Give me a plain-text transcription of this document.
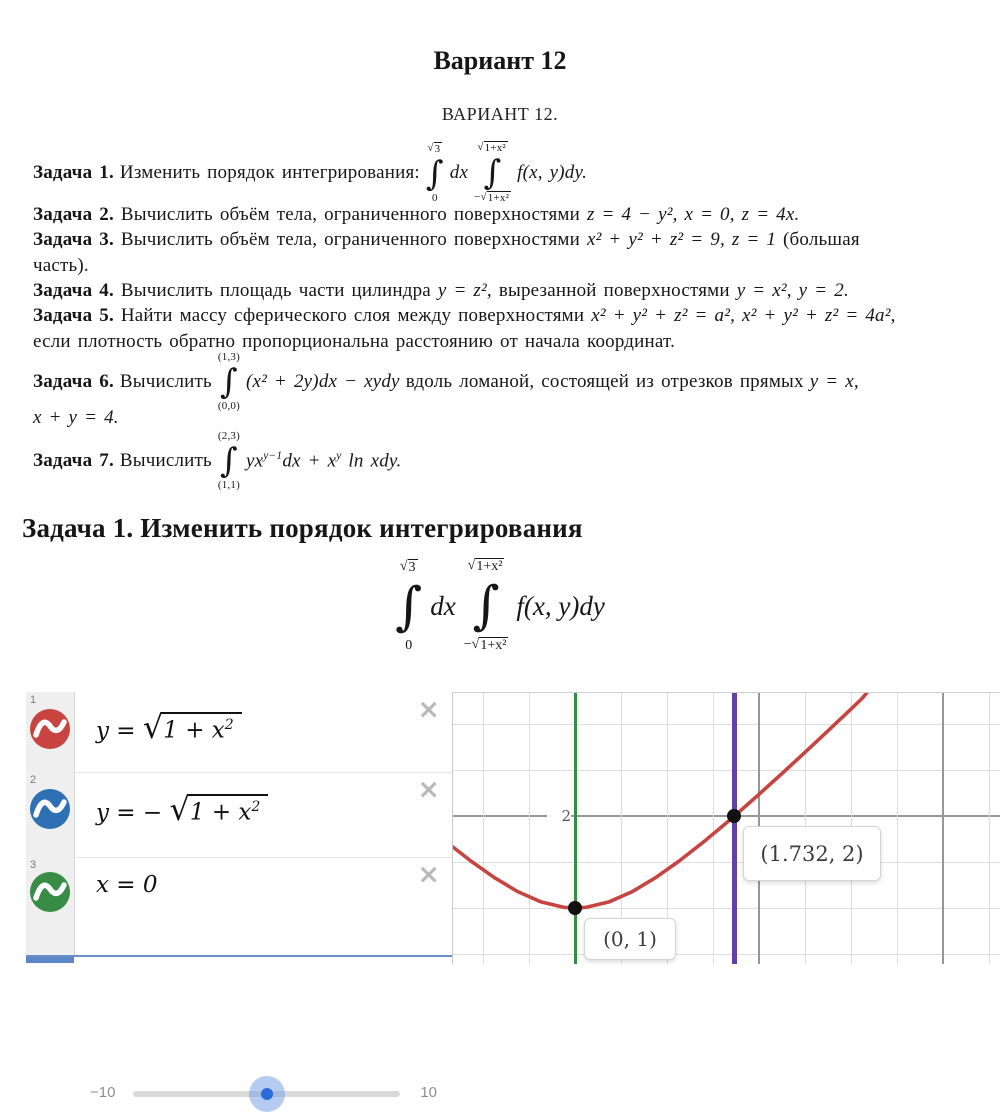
Вариант 12
ВАРИАНТ 12.
Задача 1. Изменить порядок интегрирования:
√ 3
∫
0
dx
√ 1+x²
∫
− √ 1+x²
f(x, y)dy.
Задача 2. Вычислить объём тела, ограниченного поверхностями z = 4 − y², x = 0, z = 4x.
Задача 3. Вычислить объём тела, ограниченного поверхностями x² + y² + z² = 9, z = 1 (большая
часть).
Задача 4. Вычислить площадь части цилиндра y = z², вырезанной поверхностями y = x², y = 2.
Задача 5. Найти массу сферического слоя между поверхностями x² + y² + z² = a², x² + y² + z² = 4a²,
если плотность обратно пропорциональна расстоянию от начала координат.
Задача 6. Вычислить
(1,3)
∫
(0,0)
(x² + 2y)dx − xydy вдоль ломаной, состоящей из отрезков прямых y = x,
x + y = 4.
Задача 7. Вычислить
(2,3)
∫
(1,1)
$yx^{y-1}dx + x^y$ ln xdy.
Задача 1. Изменить порядок интегрирования
√ 3
∫
0
dx
√ 1+x²
∫
− √ 1+x²
f(x, y)dy
1
y = √ $1 + x^2$	×
2
y = − √ $1 + x^2$
×
3
x = 0	×
−10	10
2
(0, 1)
(1.732, 2)
